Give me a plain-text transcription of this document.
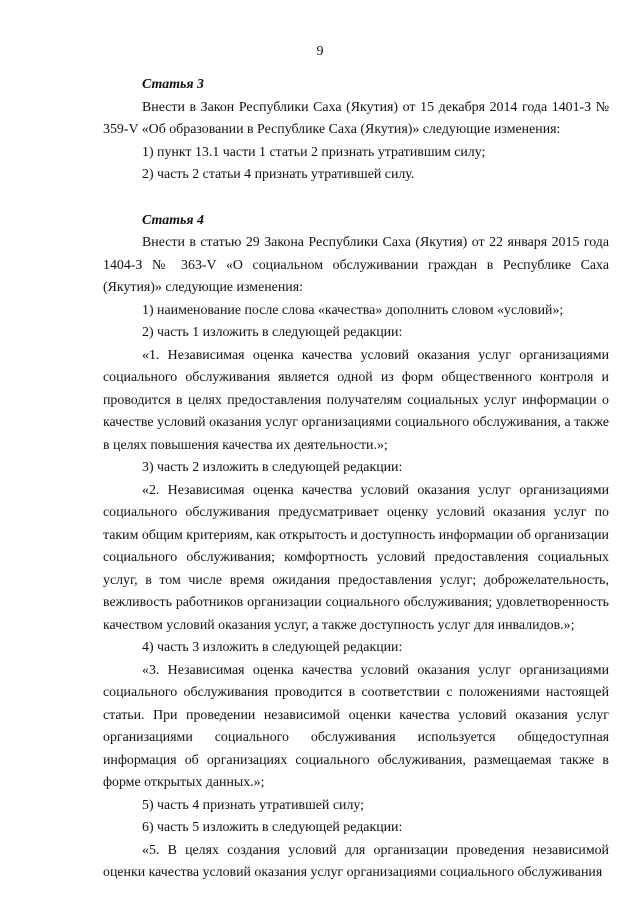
9
Статья 3

Внести в Закон Республики Саха (Якутия) от 15 декабря 2014 года 1401-З № 359-V «Об образовании в Республике Саха (Якутия)» следующие изменения:

1) пункт 13.1 части 1 статьи 2 признать утратившим силу;

2) часть 2 статьи 4 признать утратившей силу.

Статья 4

Внести в статью 29 Закона Республики Саха (Якутия) от 22 января 2015 года 1404-З № 363-V «О социальном обслуживании граждан в Республике Саха (Якутия)» следующие изменения:

1) наименование после слова «качества» дополнить словом «условий»;

2) часть 1 изложить в следующей редакции:

«1. Независимая оценка качества условий оказания услуг организациями социального обслуживания является одной из форм общественного контроля и проводится в целях предоставления получателям социальных услуг информации о качестве условий оказания услуг организациями социального обслуживания, а также в целях повышения качества их деятельности.»;

3) часть 2 изложить в следующей редакции:

«2. Независимая оценка качества условий оказания услуг организациями социального обслуживания предусматривает оценку условий оказания услуг по таким общим критериям, как открытость и доступность информации об организации социального обслуживания; комфортность условий предоставления социальных услуг, в том числе время ожидания предоставления услуг; доброжелательность, вежливость работников организации социального обслуживания; удовлетворенность качеством условий оказания услуг, а также доступность услуг для инвалидов.»;

4) часть 3 изложить в следующей редакции:

«3. Независимая оценка качества условий оказания услуг организациями социального обслуживания проводится в соответствии с положениями настоящей статьи. При проведении независимой оценки качества условий оказания услуг организациями социального обслуживания используется общедоступная информация об организациях социального обслуживания, размещаемая также в форме открытых данных.»;

5) часть 4 признать утратившей силу;

6) часть 5 изложить в следующей редакции:

«5. В целях создания условий для организации проведения независимой оценки качества условий оказания услуг организациями социального обслуживания
